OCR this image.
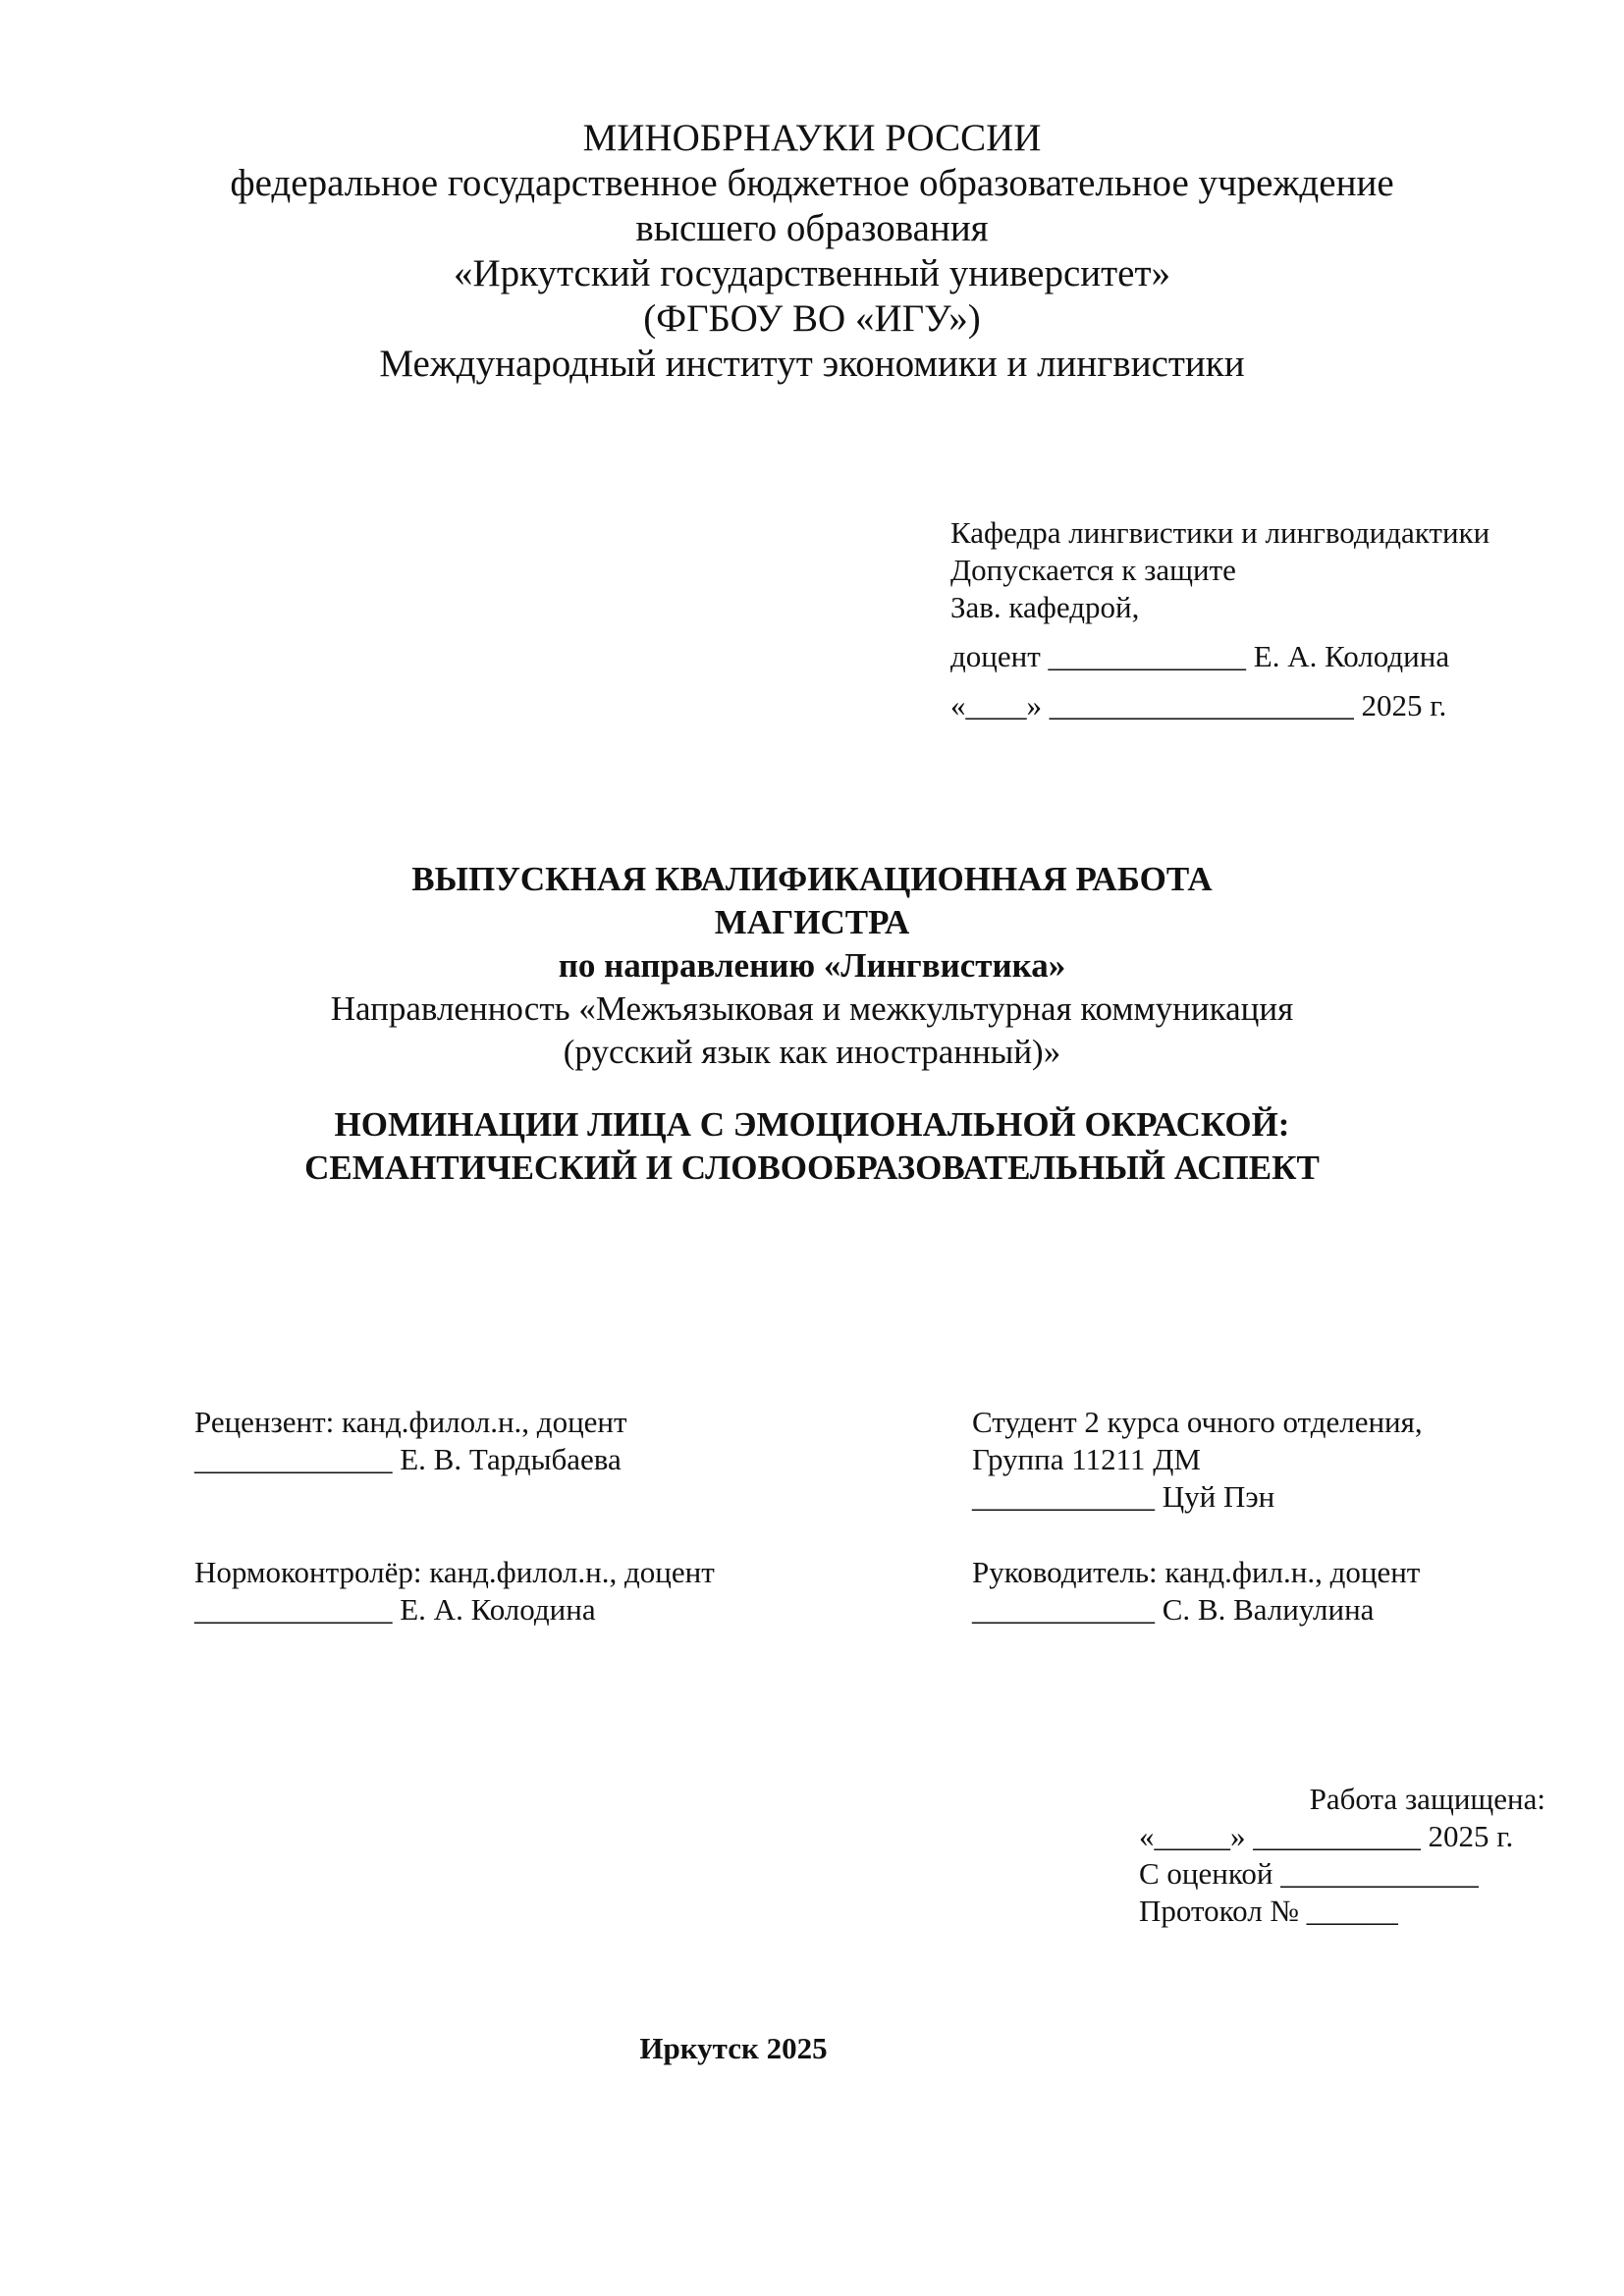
МИНОБРНАУКИ РОССИИ
федеральное государственное бюджетное образовательное учреждение
высшего образования
«Иркутский государственный университет»
(ФГБОУ ВО «ИГУ»)
Международный институт экономики и лингвистики
Кафедра лингвистики и лингводидактики
Допускается к защите
Зав. кафедрой,
доцент _____________ Е. А. Колодина
«____» ____________________ 2025 г.
ВЫПУСКНАЯ КВАЛИФИКАЦИОННАЯ РАБОТА
МАГИСТРА
по направлению «Лингвистика»
Направленность «Межъязыковая и межкультурная коммуникация
(русский язык как иностранный)»
НОМИНАЦИИ ЛИЦА С ЭМОЦИОНАЛЬНОЙ ОКРАСКОЙ:
СЕМАНТИЧЕСКИЙ И СЛОВООБРАЗОВАТЕЛЬНЫЙ АСПЕКТ
Рецензент: канд.филол.н., доцент
_____________ Е. В. Тардыбаева
Нормоконтролёр: канд.филол.н., доцент
_____________ Е. А. Колодина
Студент 2 курса очного отделения,
Группа 11211 ДМ
____________ Цуй Пэн
Руководитель: канд.фил.н., доцент
____________ С. В. Валиулина
Работа защищена:
«_____» ___________ 2025 г.
С оценкой _____________
Протокол № ______
Иркутск 2025
